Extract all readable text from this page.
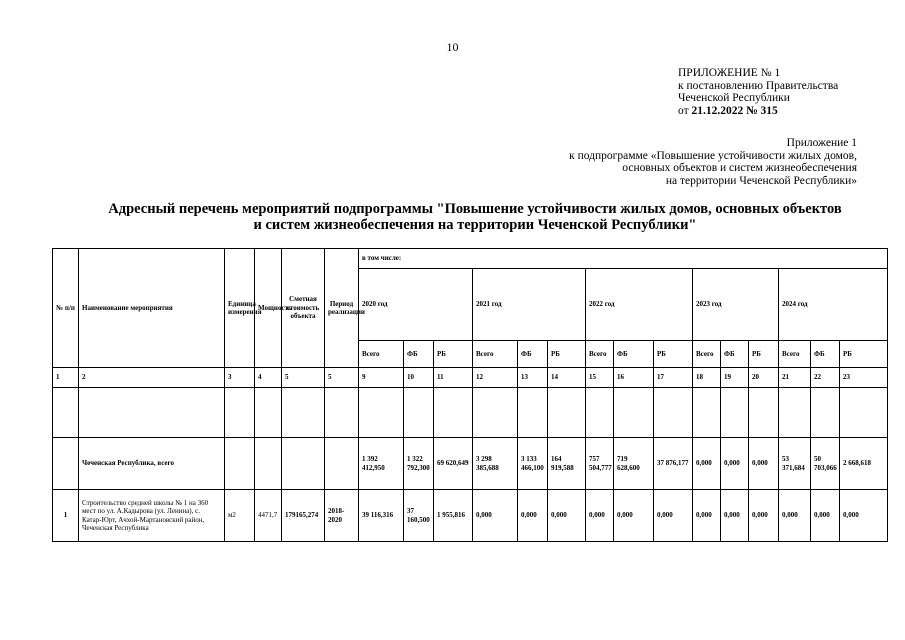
10
ПРИЛОЖЕНИЕ № 1
к постановлению Правительства
Чеченской Республики
от 21.12.2022 № 315
Приложение 1
к подпрограмме «Повышение устойчивости жилых домов,
основных объектов и систем жизнеобеспечения
на территории Чеченской Республики»
Адресный перечень мероприятий подпрограммы "Повышение устойчивости жилых домов, основных объектов
и систем жизнеобеспечения на территории Чеченской Республики"
№ п/п	Наименование мероприятия	Единица измерения	Мощность	Сметная стоимость объекта	Период реализации	в том числе:														
						2020 год			2021 год			2022 год			2023 год			2024 год		
						Всего	ФБ	РБ	Всего	ФБ	РБ	Всего	ФБ	РБ	Всего	ФБ	РБ	Всего	ФБ	РБ
1	2	3	4	5	5	9	10	11	12	13	14	15	16	17	18	19	20	21	22	23

	Чеченская Республика, всего					1 392 412,950	1 322 792,300	69 620,649	3 298 385,688	3 133 466,100	164 919,588	757 504,777	719 628,600	37 876,177	0,000	0,000	0,000	53 371,684	50 703,066	2 668,618
1	Строительство средней школы № 1 на 360 мест по ул. А.Кадырова (ул. Ленина), с. Катар-Юрт, Ачхой-Мартановский район, Чеченская Республика	м2	4471,7	179165,274	2018-2020	39 116,316	37 160,500	1 955,816	0,000	0,000	0,000	0,000	0,000	0,000	0,000	0,000	0,000	0,000	0,000	0,000
